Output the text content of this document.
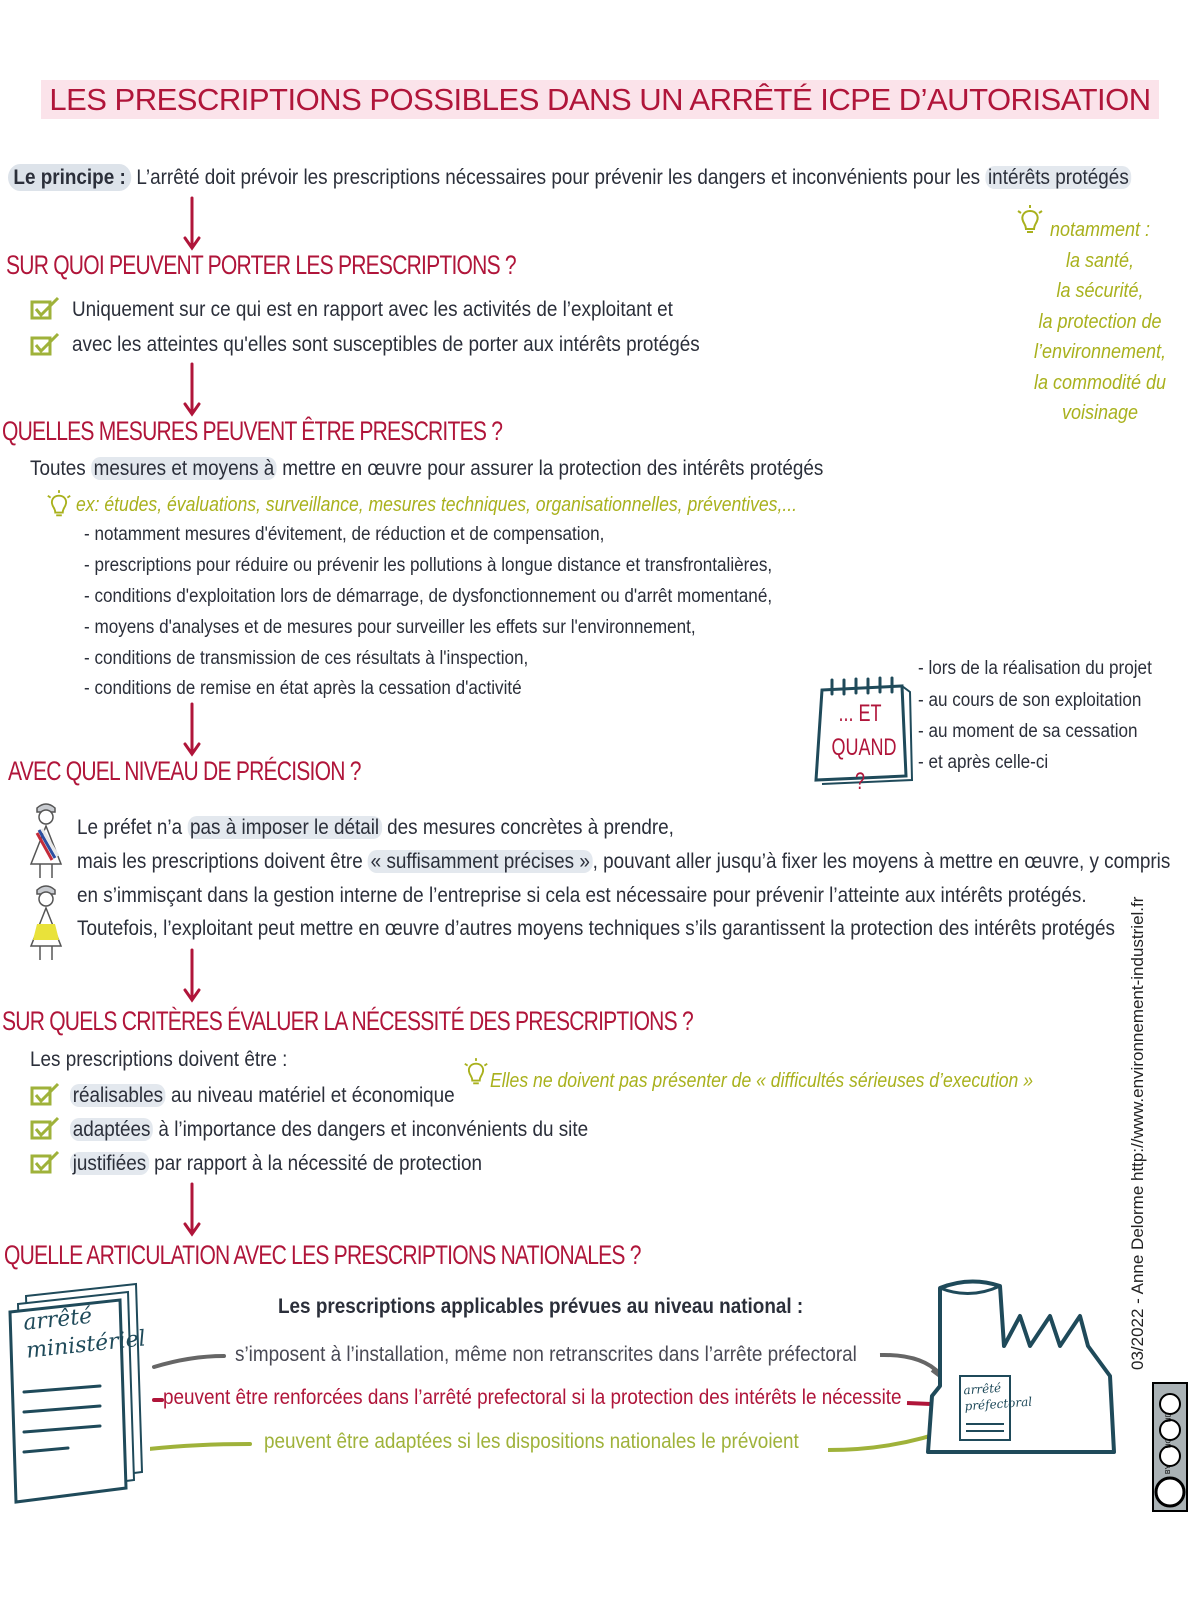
LES PRESCRIPTIONS POSSIBLES DANS UN ARRÊTÉ ICPE D’AUTORISATION
Le principe : L’arrêté doit prévoir les prescriptions nécessaires pour prévenir les dangers et inconvénients pour les intérêts protégés
notamment :
la santé,
la sécurité,
la protection de
l’environnement,
la commodité du
voisinage
SUR QUOI PEUVENT PORTER LES PRESCRIPTIONS ?
Uniquement sur ce qui est en rapport avec les activités de l’exploitant et
avec les atteintes qu'elles sont susceptibles de porter aux intérêts protégés
QUELLES MESURES PEUVENT ÊTRE PRESCRITES ?
Toutes mesures et moyens à mettre en œuvre pour assurer la protection des intérêts protégés
ex: études, évaluations, surveillance, mesures techniques, organisationnelles, préventives,...
- notamment mesures d'évitement, de réduction et de compensation,
- prescriptions pour réduire ou prévenir les pollutions à longue distance et transfrontalières,
- conditions d'exploitation lors de démarrage, de dysfonctionnement ou d'arrêt momentané,
- moyens d'analyses et de mesures pour surveiller les effets sur l'environnement,
- conditions de transmission de ces résultats à l'inspection,
- conditions de remise en état après la cessation d'activité
... ET
QUAND ?
- lors de la réalisation du projet
- au cours de son exploitation
- au moment de sa cessation
- et après celle-ci
AVEC QUEL NIVEAU DE PRÉCISION ?
Le préfet n’a pas à imposer le détail des mesures concrètes à prendre,
mais les prescriptions doivent être « suffisamment précises » , pouvant aller jusqu’à fixer les moyens à mettre en œuvre, y compris
en s’immisçant dans la gestion interne de l’entreprise si cela est nécessaire pour prévenir l’atteinte aux intérêts protégés.
Toutefois, l’exploitant peut mettre en œuvre d’autres moyens techniques s’ils garantissent la protection des intérêts protégés
SUR QUELS CRITÈRES ÉVALUER LA NÉCESSITÉ DES PRESCRIPTIONS ?
Les prescriptions doivent être :
Elles ne doivent pas présenter de « difficultés sérieuses d’execution »
réalisables au niveau matériel et économique
adaptées à l’importance des dangers et inconvénients du site
justifiées par rapport à la nécessité de protection
QUELLE ARTICULATION AVEC LES PRESCRIPTIONS NATIONALES ?
arrêté
ministériel
Les prescriptions applicables prévues au niveau national :
s’imposent à l’installation, même non retranscrites dans l’arrête préfectoral
peuvent être renforcées dans l’arrêté prefectoral si la protection des intérêts le nécessite
peuvent être adaptées si les dispositions nationales le prévoient
arrêté
préfectoral
03/2022 - Anne Delorme http://www.environnement-industriel.fr
BY
NC
ND
